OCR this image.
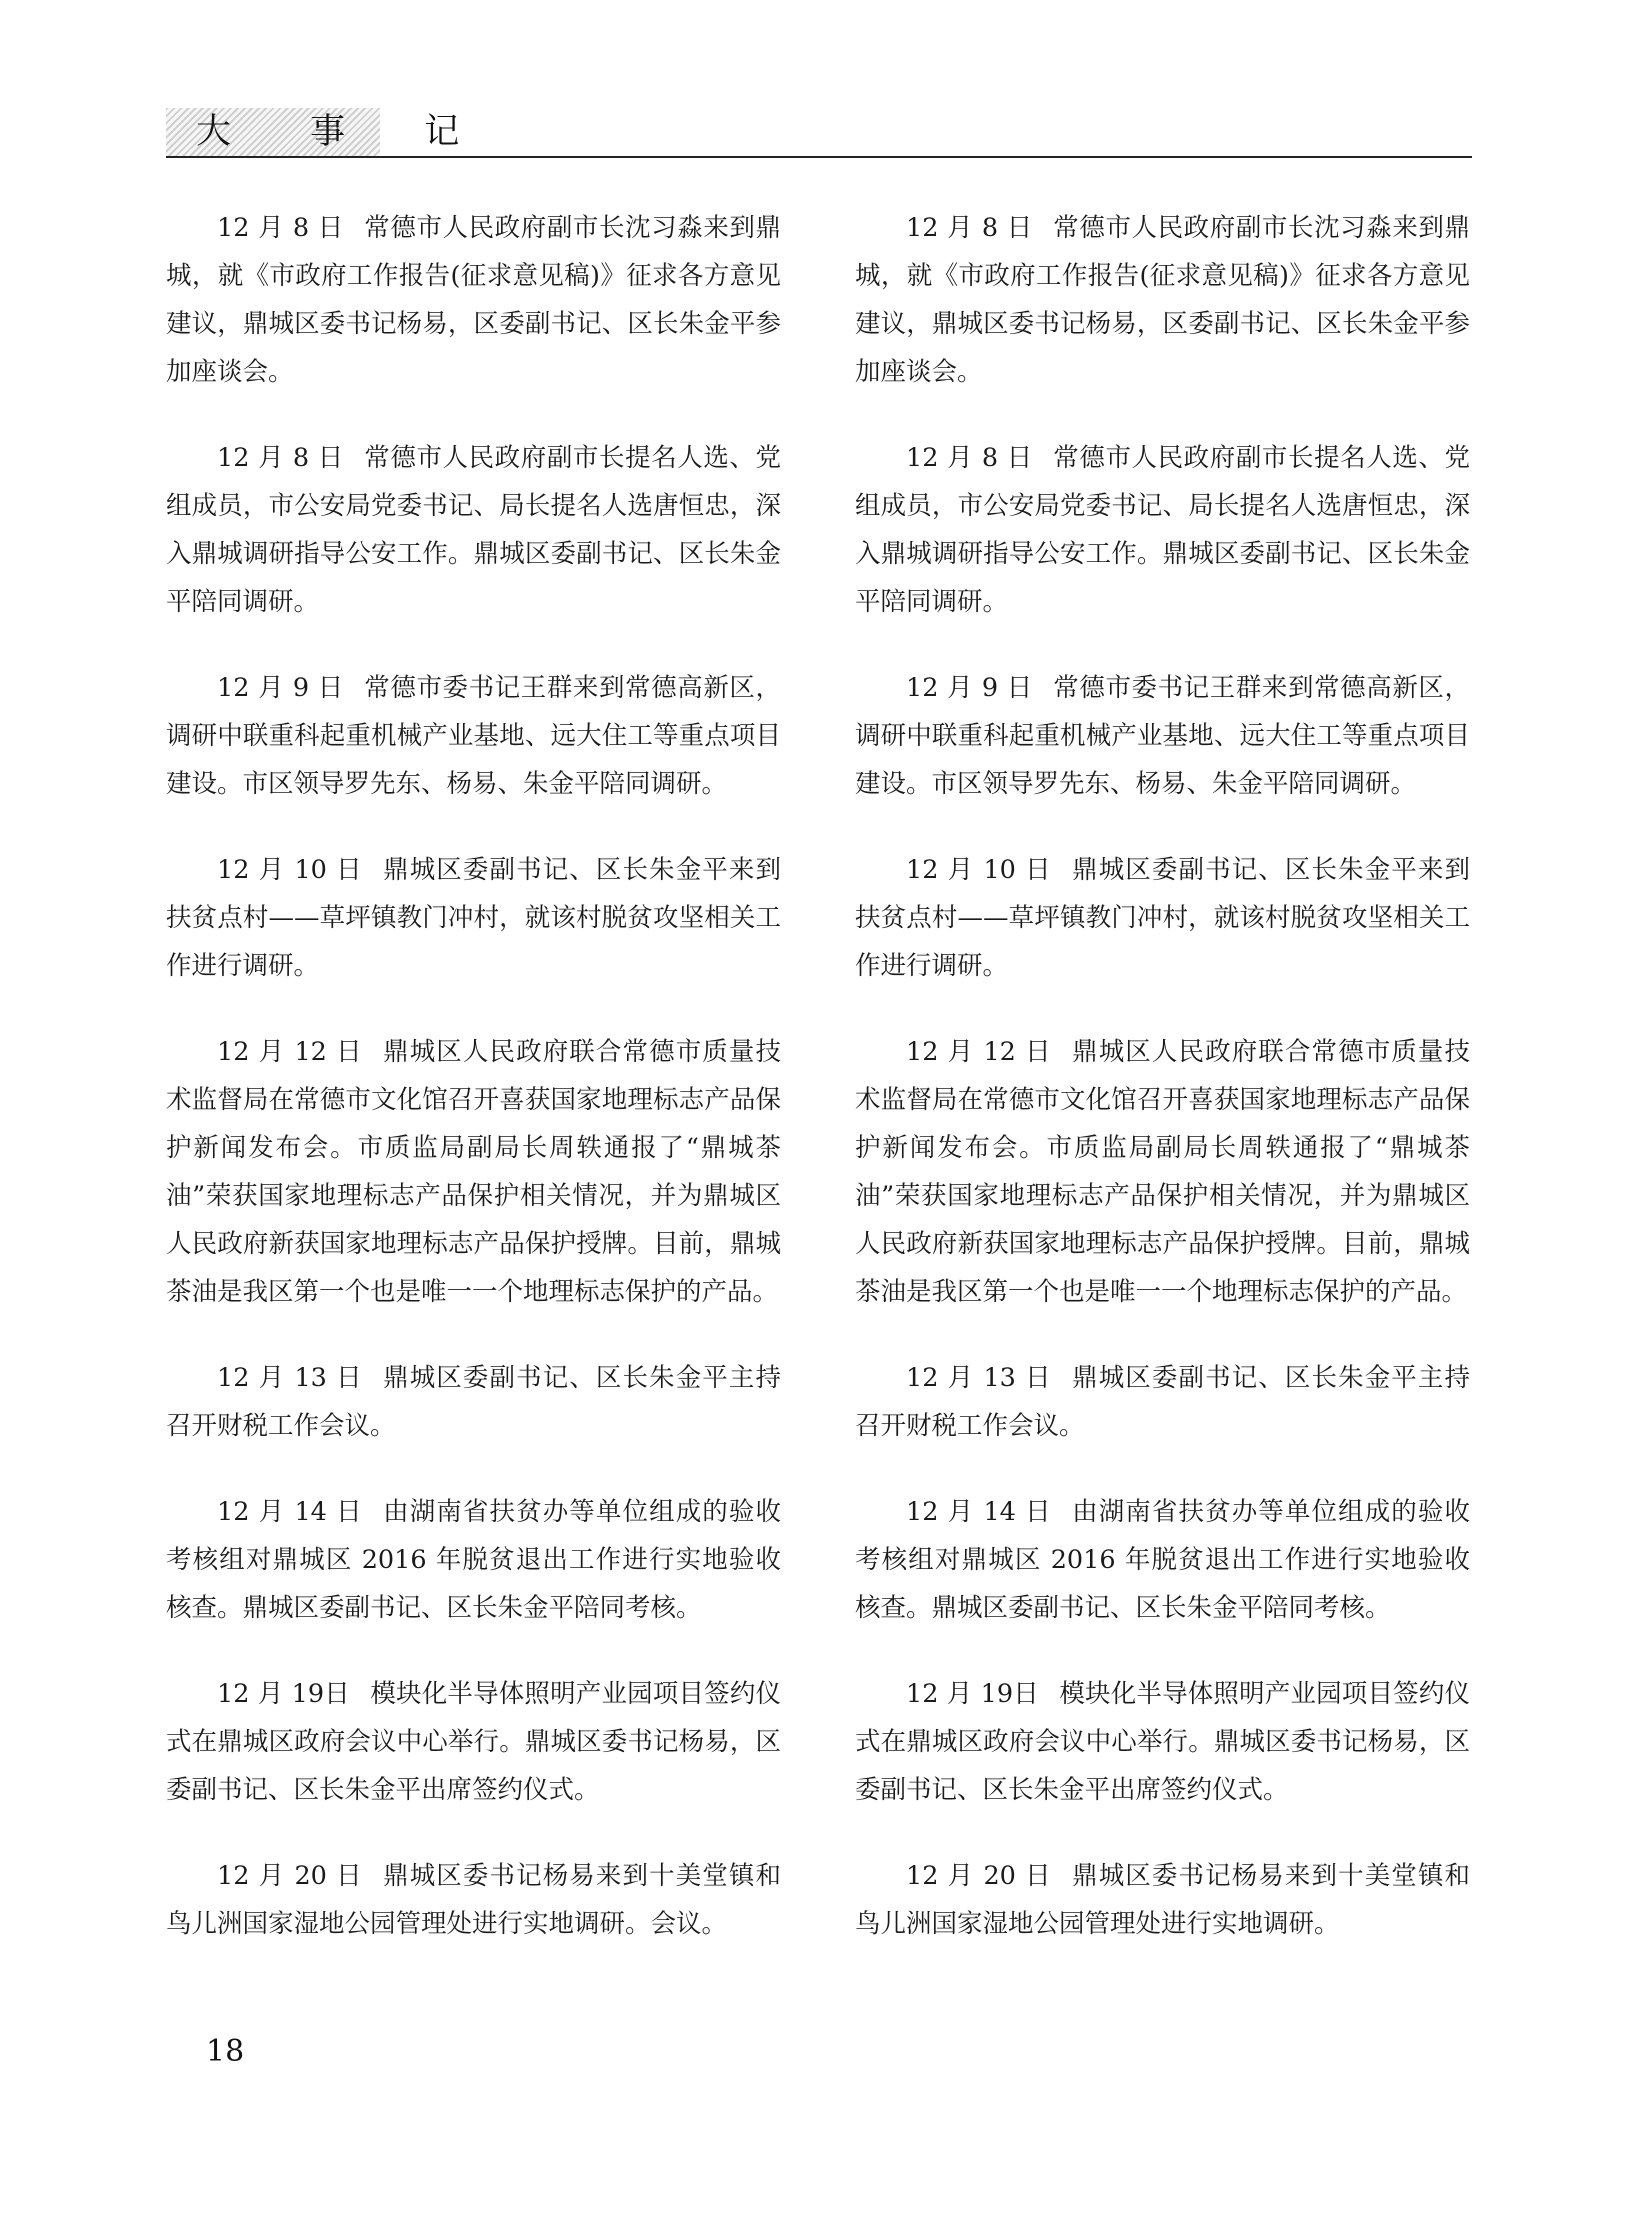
大 事 记

12 月 8 日 常德市人民政府副市长沈习淼来到鼎城，就《市政府工作报告(征求意见稿)》征求各方意见建议，鼎城区委书记杨易，区委副书记、区长朱金平参加座谈会。

12 月 8 日 常德市人民政府副市长提名人选、党组成员，市公安局党委书记、局长提名人选唐恒忠，深入鼎城调研指导公安工作。鼎城区委副书记、区长朱金平陪同调研。

12 月 9 日 常德市委书记王群来到常德高新区，调研中联重科起重机械产业基地、远大住工等重点项目建设。市区领导罗先东、杨易、朱金平陪同调研。

12 月 10 日 鼎城区委副书记、区长朱金平来到扶贫点村——草坪镇教门冲村，就该村脱贫攻坚相关工作进行调研。

12 月 12 日 鼎城区人民政府联合常德市质量技术监督局在常德市文化馆召开喜获国家地理标志产品保护新闻发布会。市质监局副局长周轶通报了“鼎城茶油”荣获国家地理标志产品保护相关情况，并为鼎城区人民政府新获国家地理标志产品保护授牌。目前，鼎城茶油是我区第一个也是唯一一个地理标志保护的产品。

12 月 13 日 鼎城区委副书记、区长朱金平主持召开财税工作会议。

12 月 14 日 由湖南省扶贫办等单位组成的验收考核组对鼎城区 2016 年脱贫退出工作进行实地验收核查。鼎城区委副书记、区长朱金平陪同考核。

12 月 19日 模块化半导体照明产业园项目签约仪式在鼎城区政府会议中心举行。鼎城区委书记杨易，区委副书记、区长朱金平出席签约仪式。

12 月 20 日 鼎城区委书记杨易来到十美堂镇和鸟儿洲国家湿地公园管理处进行实地调研。会议。

12 月 8 日 常德市人民政府副市长沈习淼来到鼎城，就《市政府工作报告(征求意见稿)》征求各方意见建议，鼎城区委书记杨易，区委副书记、区长朱金平参加座谈会。

12 月 8 日 常德市人民政府副市长提名人选、党组成员，市公安局党委书记、局长提名人选唐恒忠，深入鼎城调研指导公安工作。鼎城区委副书记、区长朱金平陪同调研。

12 月 9 日 常德市委书记王群来到常德高新区，调研中联重科起重机械产业基地、远大住工等重点项目建设。市区领导罗先东、杨易、朱金平陪同调研。

12 月 10 日 鼎城区委副书记、区长朱金平来到扶贫点村——草坪镇教门冲村，就该村脱贫攻坚相关工作进行调研。

12 月 12 日 鼎城区人民政府联合常德市质量技术监督局在常德市文化馆召开喜获国家地理标志产品保护新闻发布会。市质监局副局长周轶通报了“鼎城茶油”荣获国家地理标志产品保护相关情况，并为鼎城区人民政府新获国家地理标志产品保护授牌。目前，鼎城茶油是我区第一个也是唯一一个地理标志保护的产品。

12 月 13 日 鼎城区委副书记、区长朱金平主持召开财税工作会议。

12 月 14 日 由湖南省扶贫办等单位组成的验收考核组对鼎城区 2016 年脱贫退出工作进行实地验收核查。鼎城区委副书记、区长朱金平陪同考核。

12 月 19日 模块化半导体照明产业园项目签约仪式在鼎城区政府会议中心举行。鼎城区委书记杨易，区委副书记、区长朱金平出席签约仪式。

12 月 20 日 鼎城区委书记杨易来到十美堂镇和鸟儿洲国家湿地公园管理处进行实地调研。

18
